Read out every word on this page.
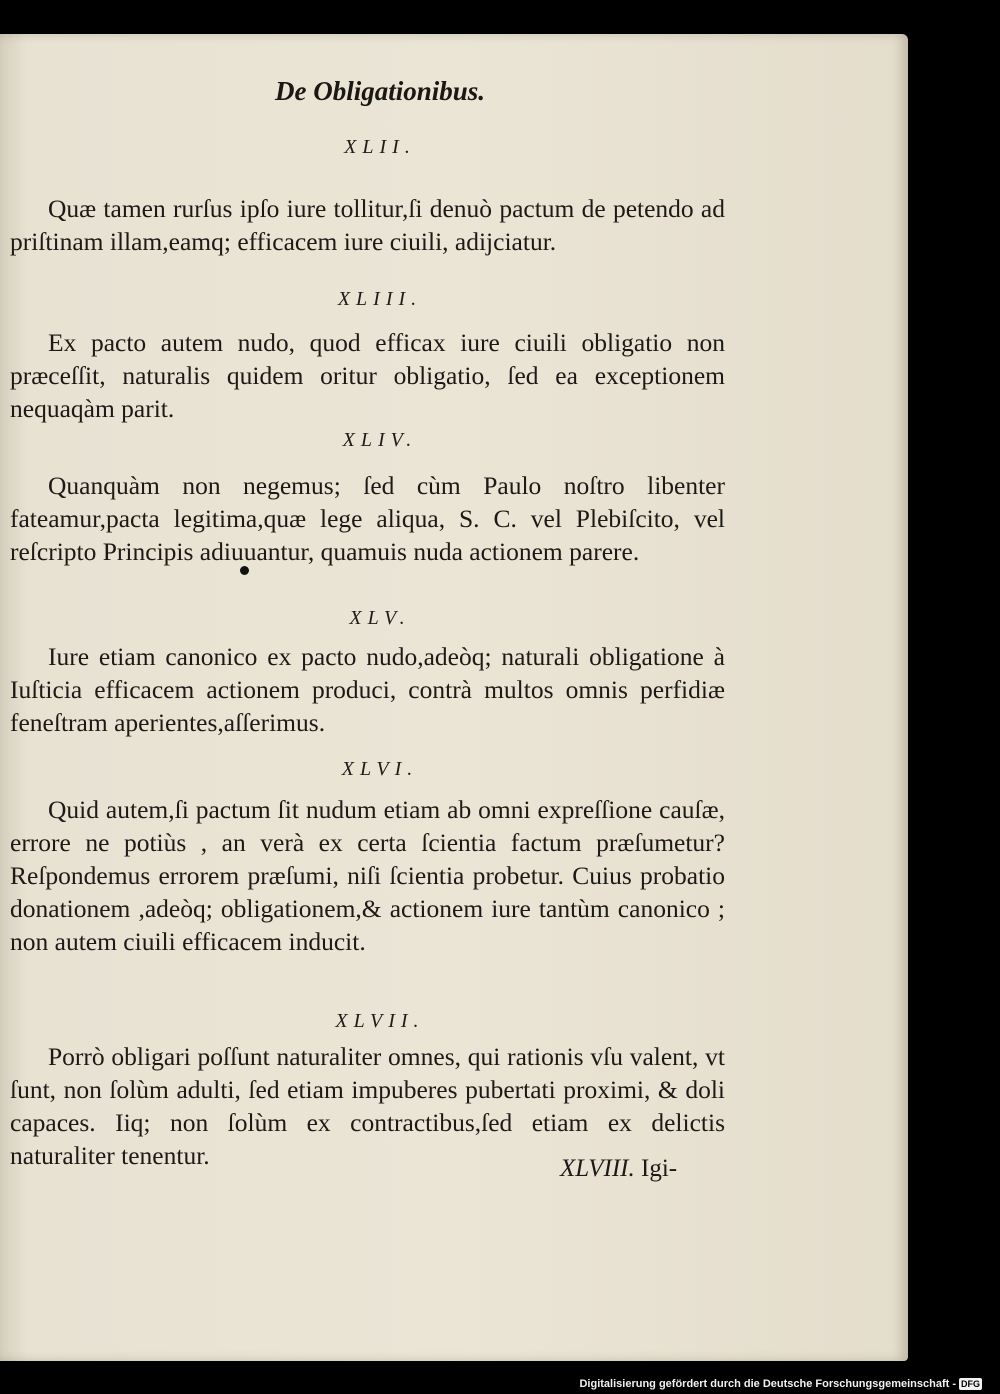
De Obligationibus.
XLII.
Quæ tamen rurſus ipſo iure tollitur,ſi denuò pactum de petendo ad priſtinam illam,eamq; efficacem iure ciuili, adijciatur.
XLIII.
Ex pacto autem nudo, quod efficax iure ciuili obligatio non præceſſit, naturalis quidem oritur obligatio, ſed ea exceptionem nequaqàm parit.
XLIV.
Quanquàm non negemus; ſed cùm Paulo noſtro libenter fateamur,pacta legitima,quæ lege aliqua, S. C. vel Plebiſcito, vel reſcripto Principis adiuuantur, quamuis nuda actionem parere.
XLV.
Iure etiam canonico ex pacto nudo,adeòq; naturali obligatione à Iuſticia efficacem actionem produci, contrà multos omnis perfidiæ feneſtram aperientes,aſſerimus.
XLVI.
Quid autem,ſi pactum ſit nudum etiam ab omni expreſſione cauſæ, errore ne potiùs , an verà ex certa ſcientia factum præſumetur? Reſpondemus errorem præſumi, niſi ſcientia probetur. Cuius probatio donationem ,adeòq; obligationem,& actionem iure tantùm canonico ; non autem ciuili efficacem inducit.
XLVII.
Porrò obligari poſſunt naturaliter omnes, qui rationis vſu valent, vt ſunt, non ſolùm adulti, ſed etiam impuberes pubertati proximi, & doli capaces. Iiq; non ſolùm ex contractibus,ſed etiam ex delictis naturaliter tenentur.	XLVIII. Igi-
Digitalisierung gefördert durch die Deutsche Forschungsgemeinschaft - DFG
